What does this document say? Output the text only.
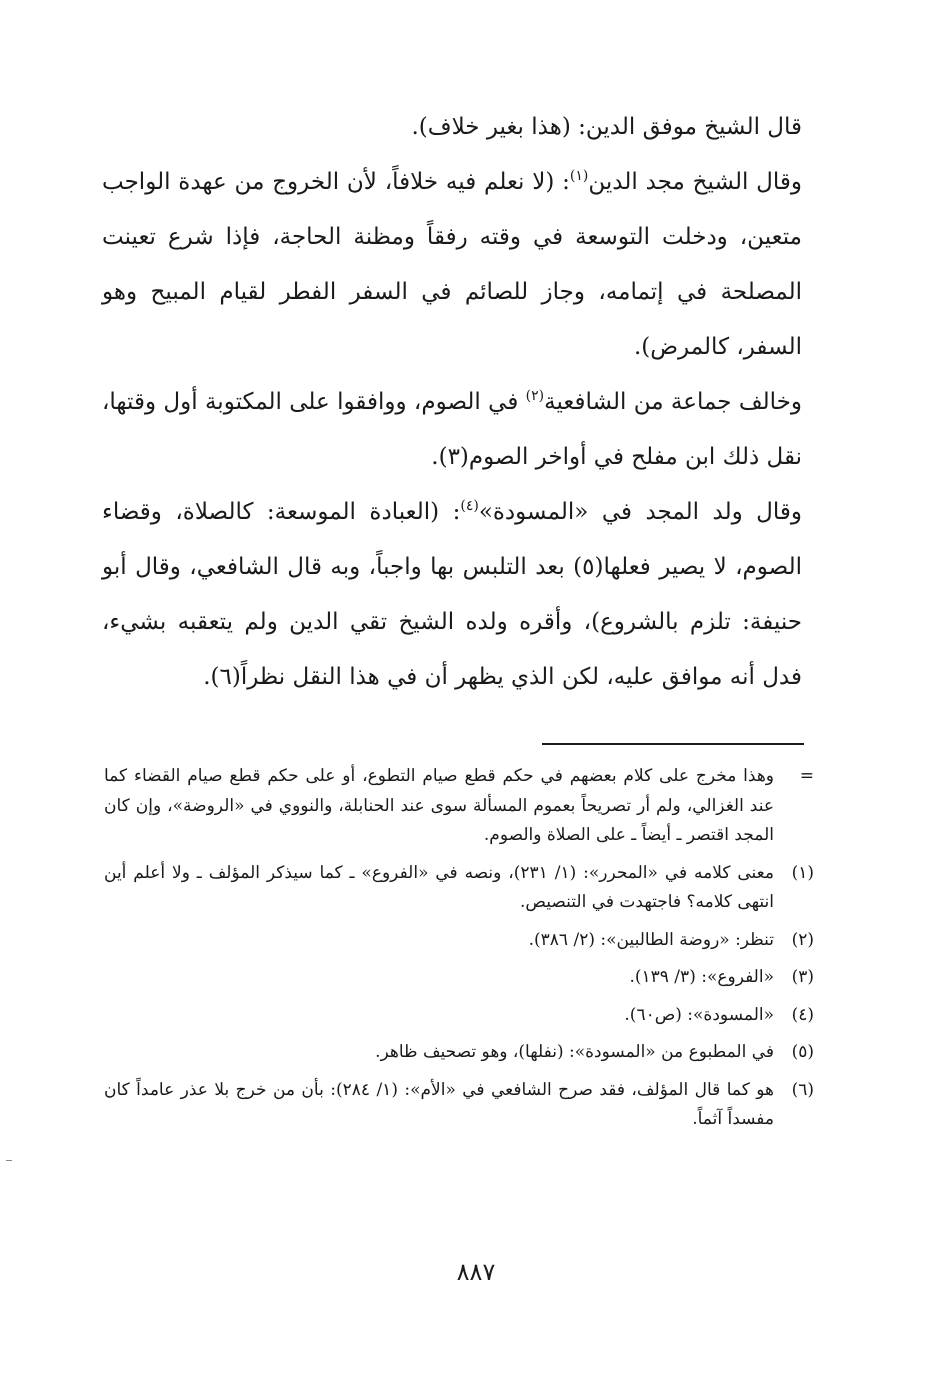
قال الشيخ موفق الدين: (هذا بغير خلاف).

وقال الشيخ مجد الدين$^{(١)}$: (لا نعلم فيه خلافاً، لأن الخروج من عهدة الواجب متعين، ودخلت التوسعة في وقته رفقاً ومظنة الحاجة، فإذا شرع تعينت المصلحة في إتمامه، وجاز للصائم في السفر الفطر لقيام المبيح وهو السفر، كالمرض).

وخالف جماعة من الشافعية$^{(٢)}$ في الصوم، ووافقوا على المكتوبة أول وقتها، نقل ذلك ابن مفلح في أواخر الصوم(٣).

وقال ولد المجد في «المسودة»$^{(٤)}$: (العبادة الموسعة: كالصلاة، وقضاء الصوم، لا يصير فعلها(٥) بعد التلبس بها واجباً، وبه قال الشافعي، وقال أبو حنيفة: تلزم بالشروع)، وأقره ولده الشيخ تقي الدين ولم يتعقبه بشيء، فدل أنه موافق عليه، لكن الذي يظهر أن في هذا النقل نظراً(٦).

=
وهذا مخرج على كلام بعضهم في حكم قطع صيام التطوع، أو على حكم قطع صيام القضاء كما عند الغزالي، ولم أر تصريحاً بعموم المسألة سوى عند الحنابلة، والنووي في «الروضة»، وإن كان المجد اقتصر ـ أيضاً ـ على الصلاة والصوم.
(١)
معنى كلامه في «المحرر»: (١/ ٢٣١)، ونصه في «الفروع» ـ كما سيذكر المؤلف ـ ولا أعلم أين انتهى كلامه؟ فاجتهدت في التنصيص.
(٢)
تنظر: «روضة الطالبين»: (٢/ ٣٨٦).
(٣)
«الفروع»: (٣/ ١٣٩).
(٤)
«المسودة»: (ص٦٠).
(٥)
في المطبوع من «المسودة»: (نفلها)، وهو تصحيف ظاهر.
(٦)
هو كما قال المؤلف، فقد صرح الشافعي في «الأم»: (١/ ٢٨٤): بأن من خرج بلا عذر عامداً كان مفسداً آثماً.
٨٨٧
